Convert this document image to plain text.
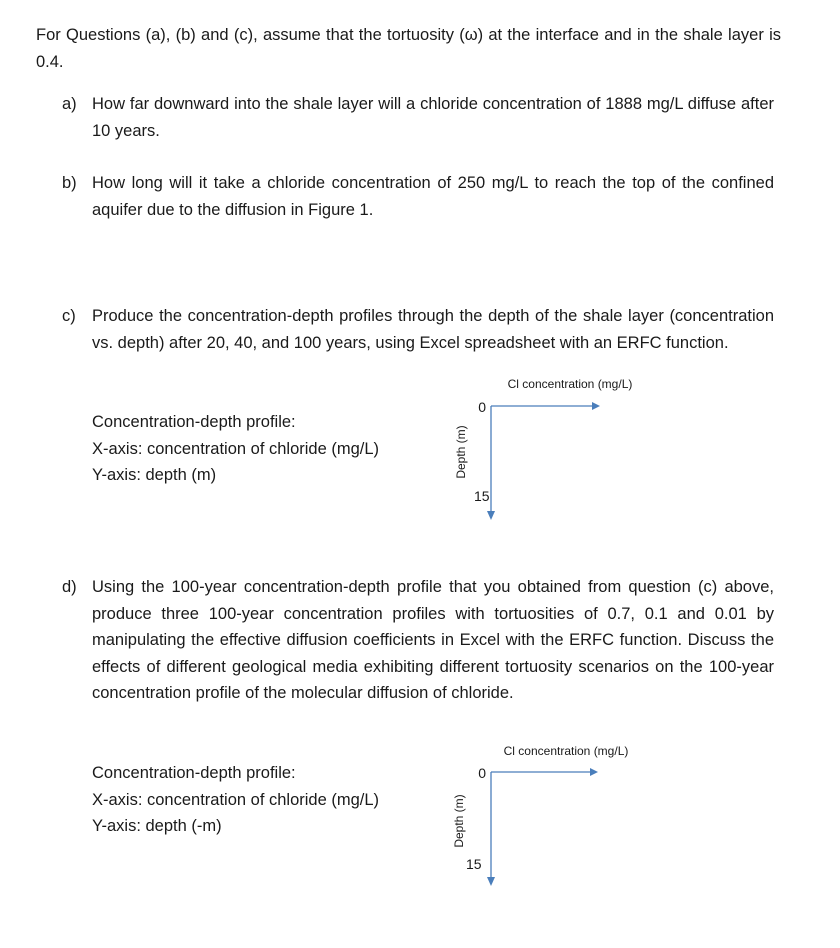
For Questions (a), (b) and (c), assume that the tortuosity (ω) at the interface and in the shale layer is 0.4.
a) How far downward into the shale layer will a chloride concentration of 1888 mg/L diffuse after 10 years.
b) How long will it take a chloride concentration of 250 mg/L to reach the top of the confined aquifer due to the diffusion in Figure 1.
c) Produce the concentration-depth profiles through the depth of the shale layer (concentration vs. depth) after 20, 40, and 100 years, using Excel spreadsheet with an ERFC function.
Concentration-depth profile:
X-axis: concentration of chloride (mg/L)
Y-axis: depth (m)
Cl concentration (mg/L)
0
Depth (m)
15
d) Using the 100-year concentration-depth profile that you obtained from question (c) above, produce three 100-year concentration profiles with tortuosities of 0.7, 0.1 and 0.01 by manipulating the effective diffusion coefficients in Excel with the ERFC function. Discuss the effects of different geological media exhibiting different tortuosity scenarios on the 100-year concentration profile of the molecular diffusion of chloride.
Concentration-depth profile:
X-axis: concentration of chloride (mg/L)
Y-axis: depth (-m)
Cl concentration (mg/L)
0
Depth (m)
15
